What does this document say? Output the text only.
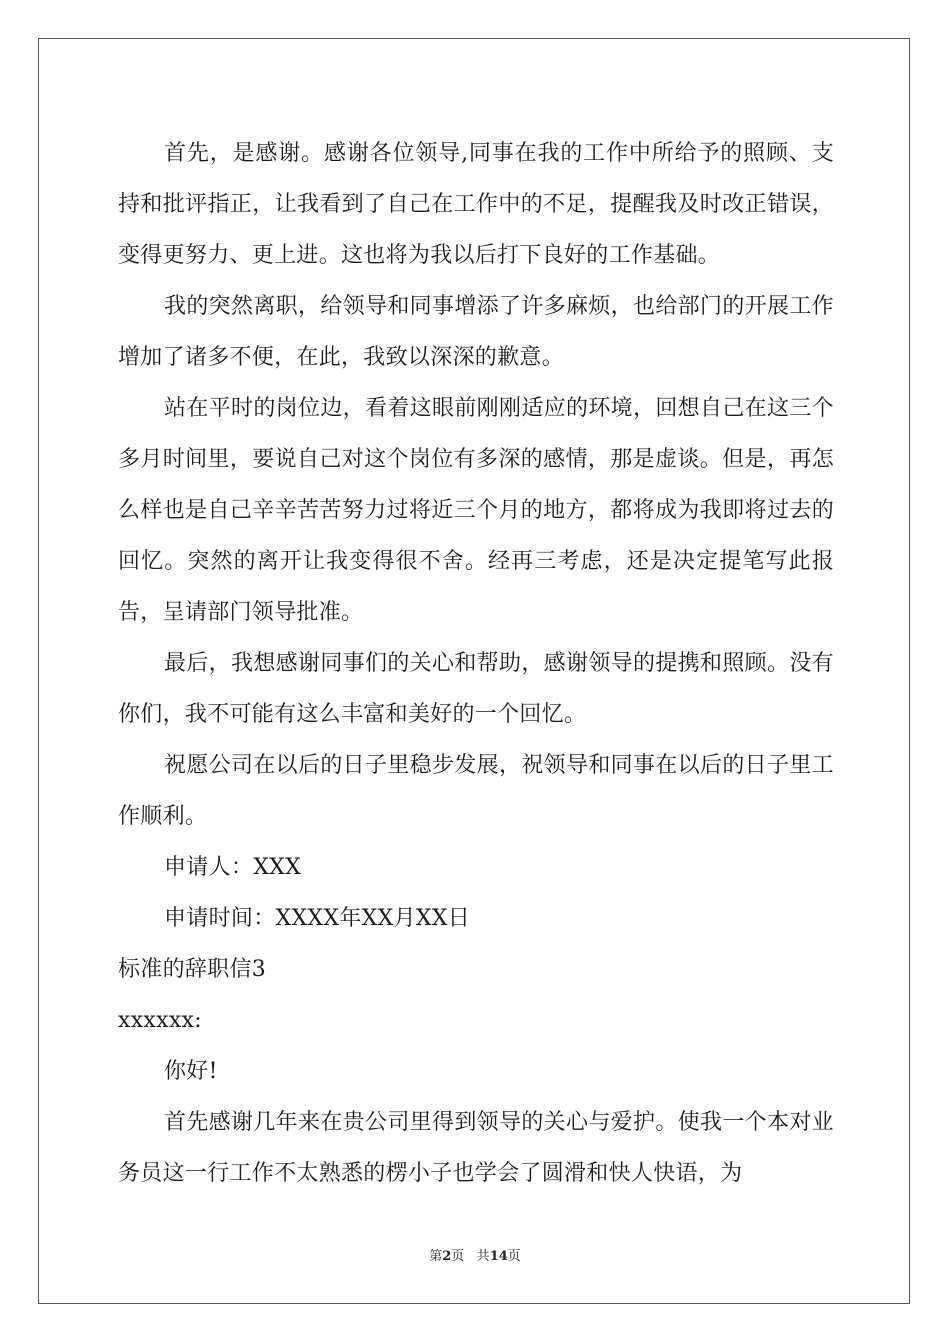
首先，是感谢。感谢各位领导,同事在我的工作中所给予的照顾、支持和批评指正，让我看到了自己在工作中的不足，提醒我及时改正错误，变得更努力、更上进。这也将为我以后打下良好的工作基础。

我的突然离职，给领导和同事增添了许多麻烦，也给部门的开展工作增加了诸多不便，在此，我致以深深的歉意。

站在平时的岗位边，看着这眼前刚刚适应的环境，回想自己在这三个多月时间里，要说自己对这个岗位有多深的感情，那是虚谈。但是，再怎么样也是自己辛辛苦苦努力过将近三个月的地方，都将成为我即将过去的回忆。突然的离开让我变得很不舍。经再三考虑，还是决定提笔写此报告，呈请部门领导批准。

最后，我想感谢同事们的关心和帮助，感谢领导的提携和照顾。没有你们，我不可能有这么丰富和美好的一个回忆。

祝愿公司在以后的日子里稳步发展，祝领导和同事在以后的日子里工作顺利。

申请人：XXX

申请时间：XXXX年XX月XX日

标准的辞职信3

xxxxxx:

你好!

首先感谢几年来在贵公司里得到领导的关心与爱护。使我一个本对业务员这一行工作不太熟悉的楞小子也学会了圆滑和快人快语，为

第2页 共14页
